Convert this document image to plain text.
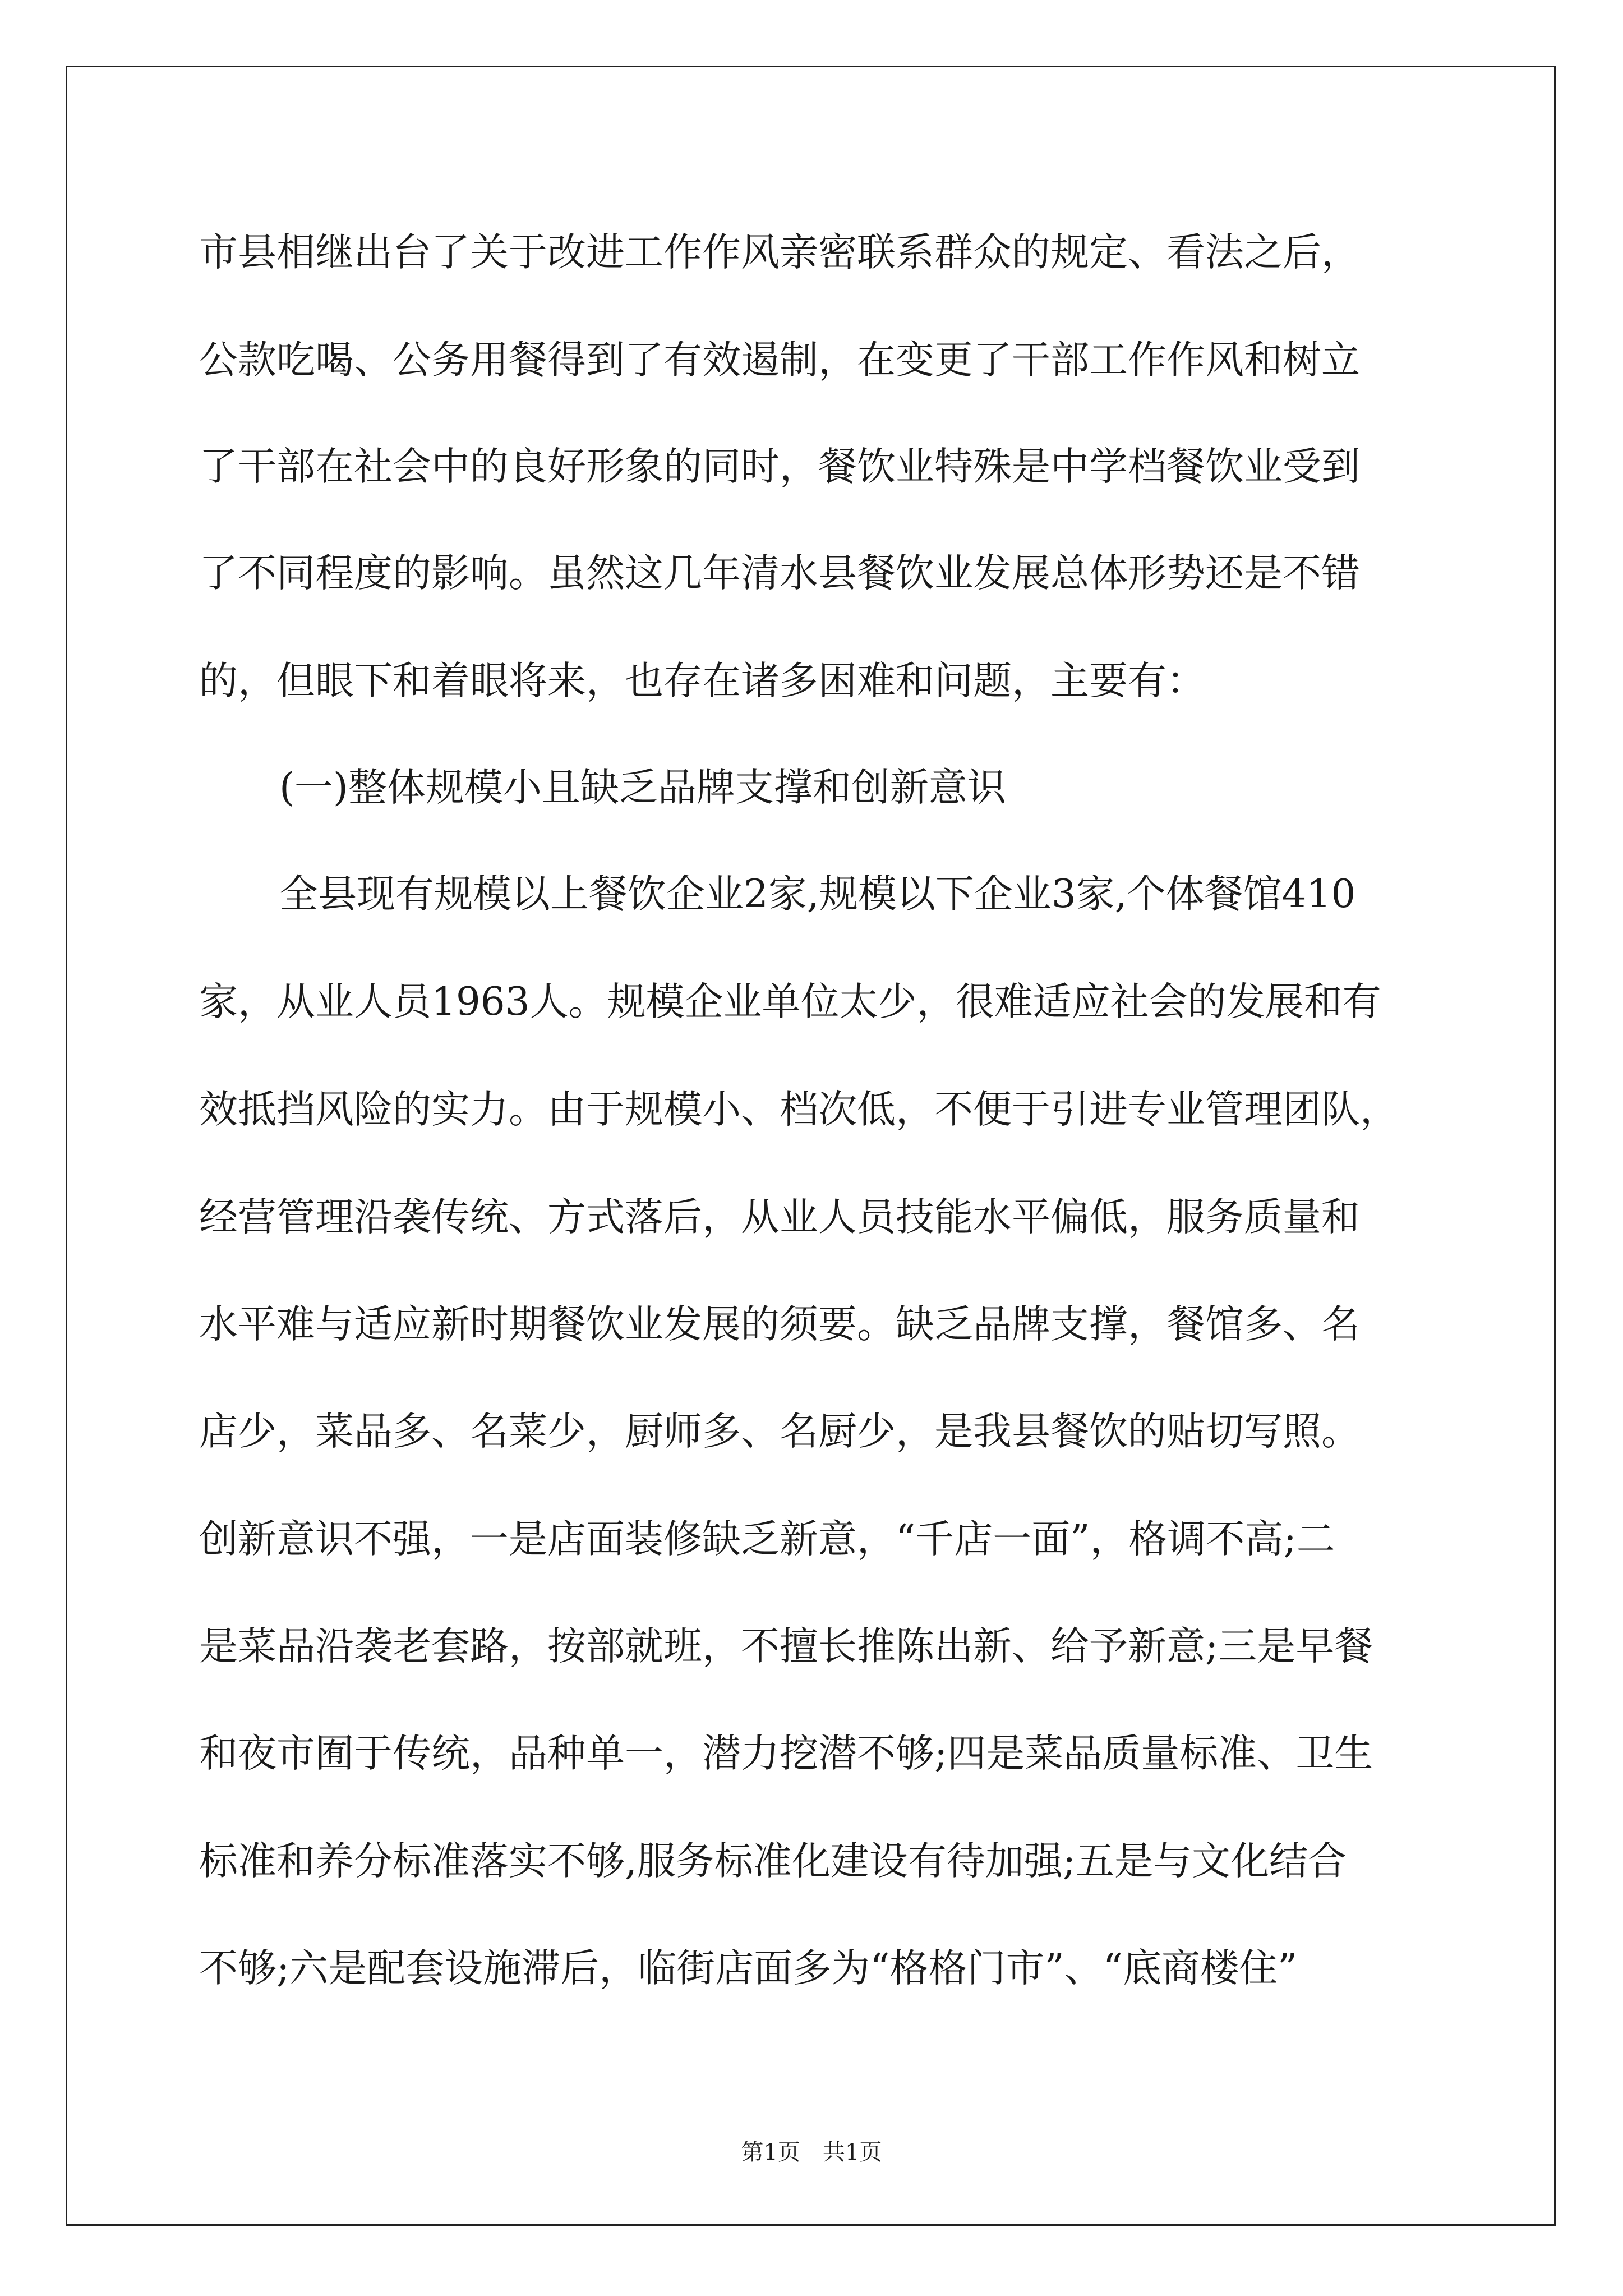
市县相继出台了关于改进工作作风亲密联系群众的规定、看法之后，
公款吃喝、公务用餐得到了有效遏制，在变更了干部工作作风和树立
了干部在社会中的良好形象的同时，餐饮业特殊是中学档餐饮业受到
了不同程度的影响。虽然这几年清水县餐饮业发展总体形势还是不错
的，但眼下和着眼将来，也存在诸多困难和问题，主要有：
(一)整体规模小且缺乏品牌支撑和创新意识
全县现有规模以上餐饮企业2家,规模以下企业3家,个体餐馆410
家，从业人员1963人。规模企业单位太少，很难适应社会的发展和有
效抵挡风险的实力。由于规模小、档次低，不便于引进专业管理团队，
经营管理沿袭传统、方式落后，从业人员技能水平偏低，服务质量和
水平难与适应新时期餐饮业发展的须要。缺乏品牌支撑，餐馆多、名
店少，菜品多、名菜少，厨师多、名厨少，是我县餐饮的贴切写照。
创新意识不强，一是店面装修缺乏新意，“千店一面”，格调不高;二
是菜品沿袭老套路，按部就班，不擅长推陈出新、给予新意;三是早餐
和夜市囿于传统，品种单一，潜力挖潜不够;四是菜品质量标准、卫生
标准和养分标准落实不够,服务标准化建设有待加强;五是与文化结合
不够;六是配套设施滞后，临街店面多为“格格门市”、“底商楼住”
第1页 共1页
